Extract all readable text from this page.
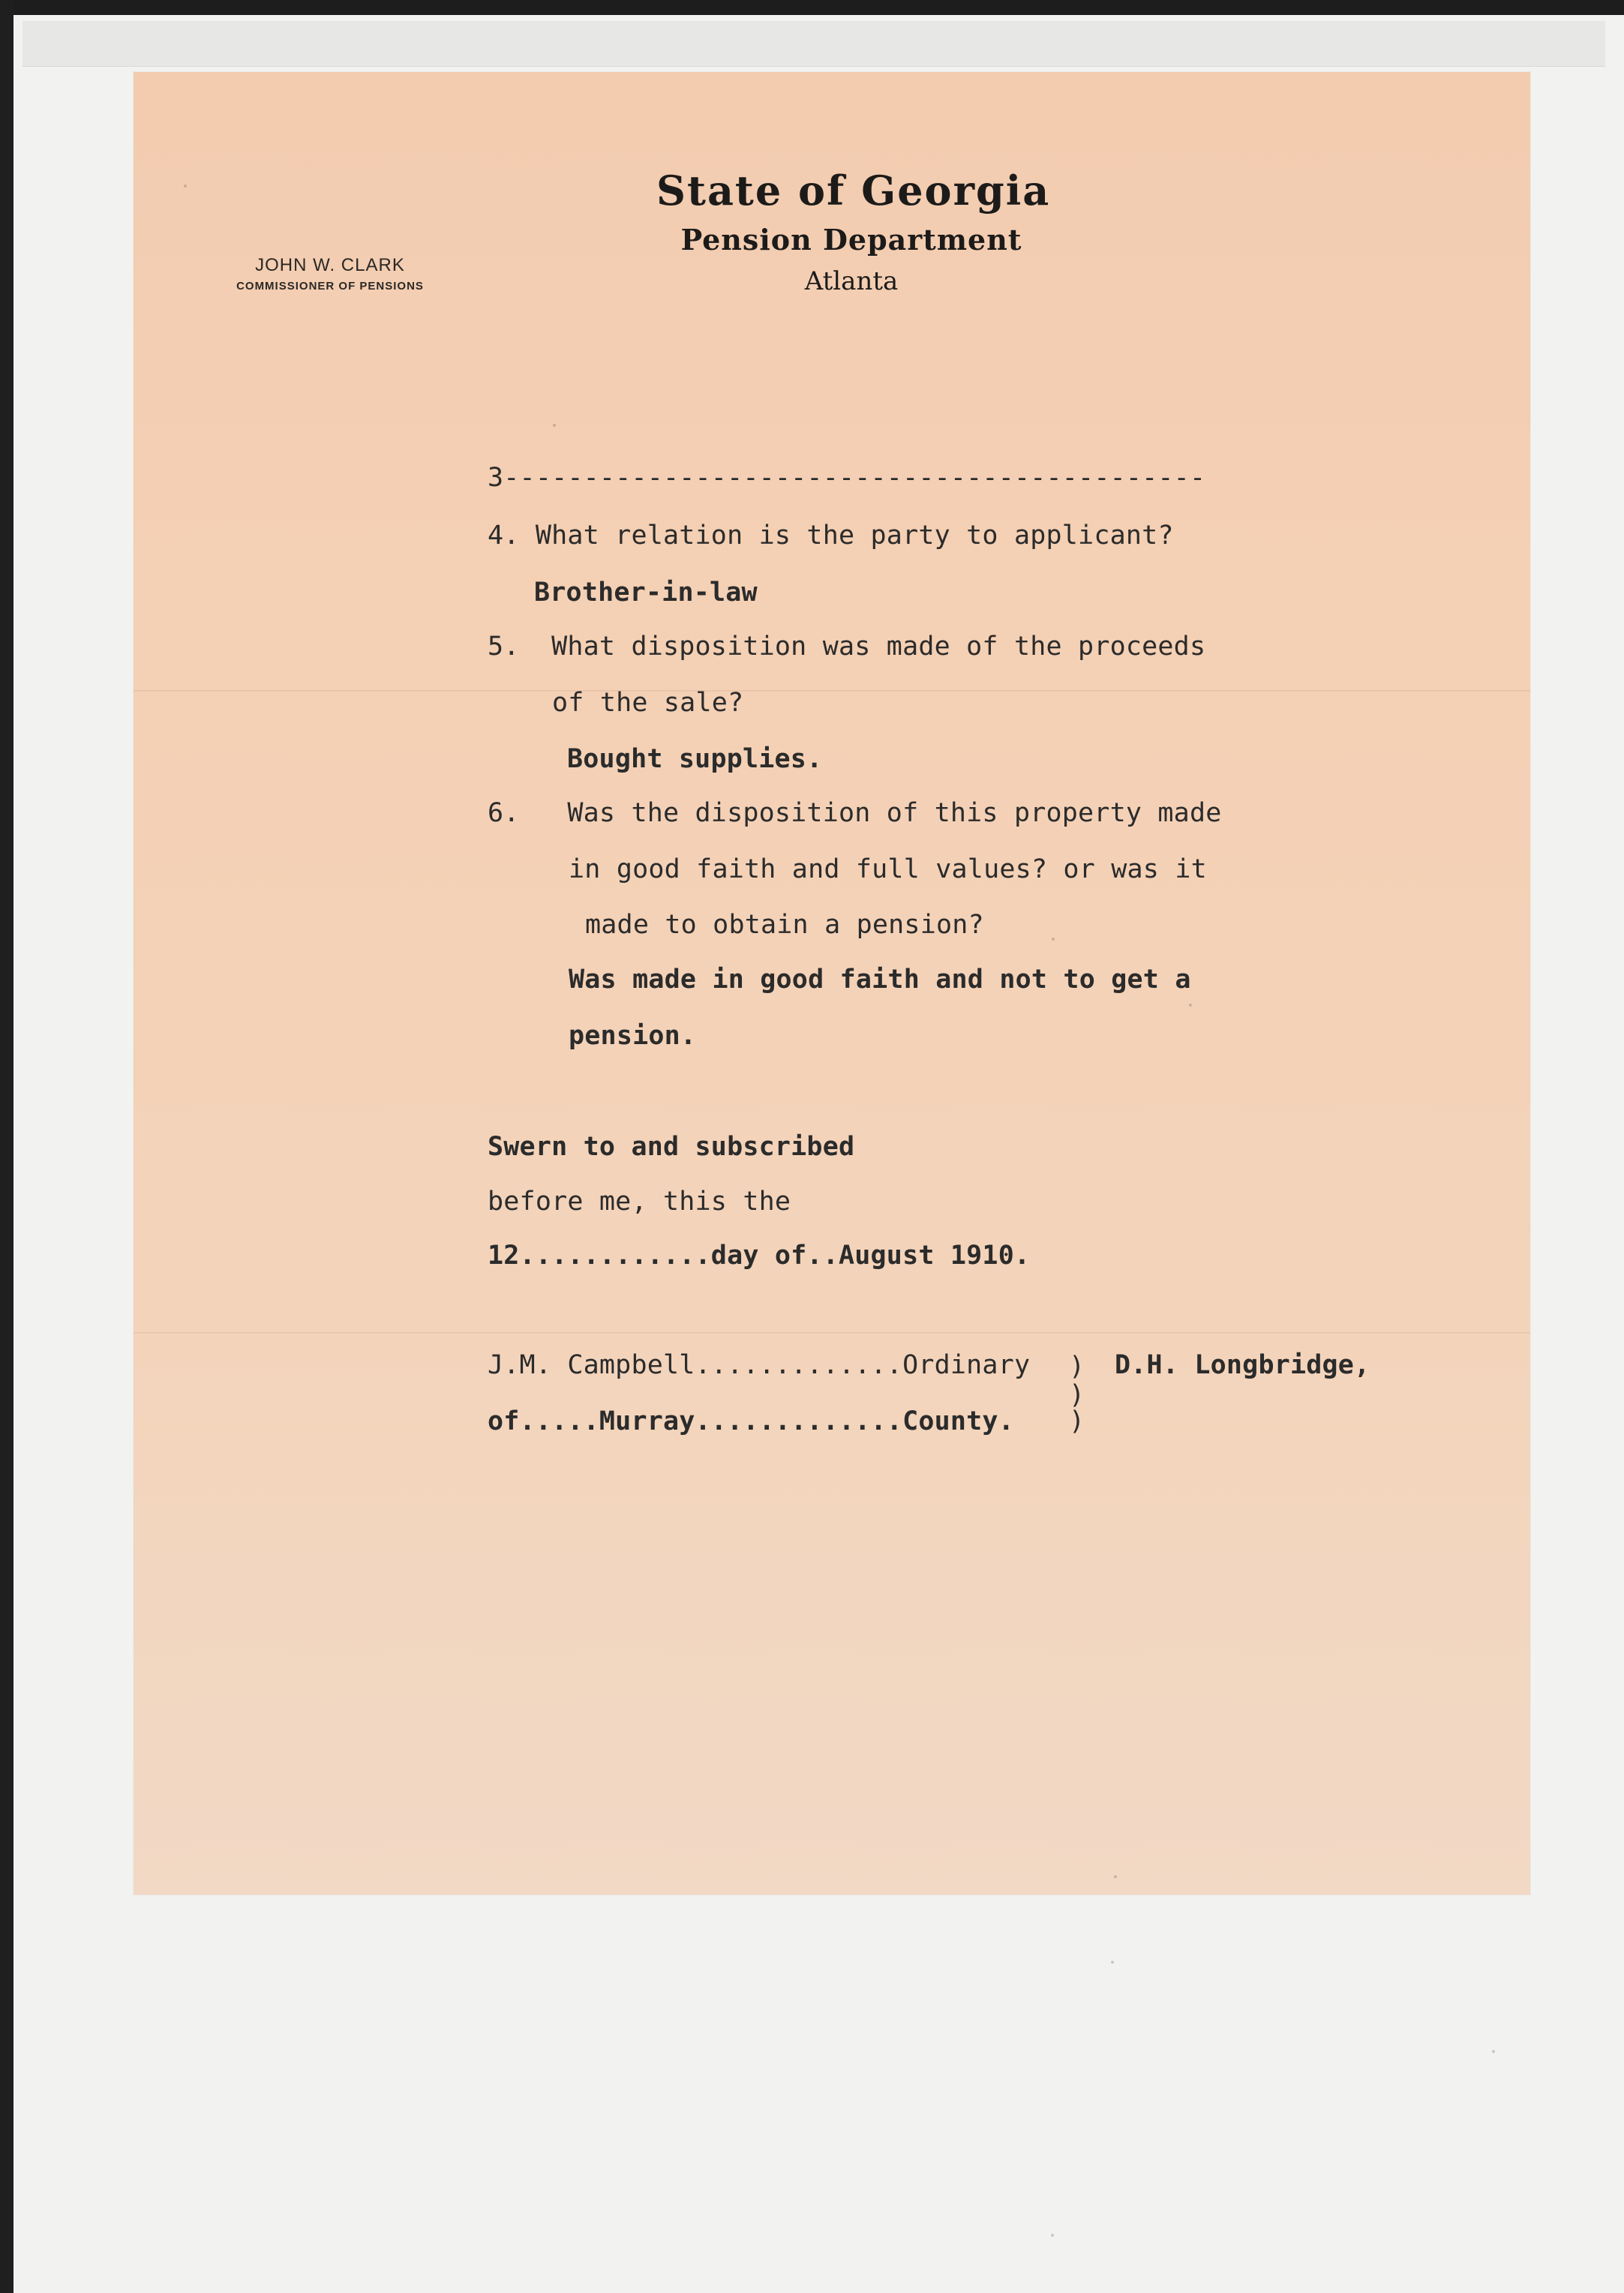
State of Georgia
Pension Department
Atlanta
JOHN W. CLARK
COMMISSIONER OF PENSIONS
3--------------------------------------------
4. What relation is the party to applicant?
Brother-in-law
5.  What disposition was made of the proceeds
of the sale?
Bought supplies.
6.   Was the disposition of this property made
in good faith and full values? or was it
made to obtain a pension?
Was made in good faith and not to get a
pension.
Swern to and subscribed
before me, this the
12............day of..August 1910.
J.M. Campbell.............Ordinary
of.....Murray.............County.
)
)
)
D.H. Longbridge,
